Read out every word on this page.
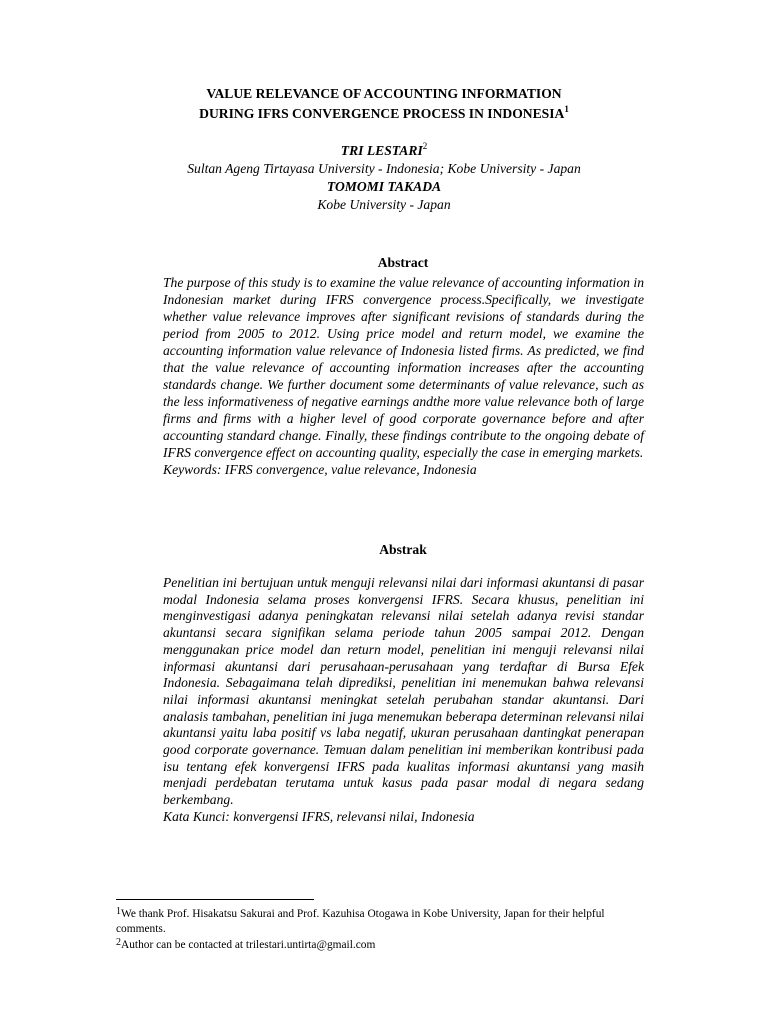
VALUE RELEVANCE OF ACCOUNTING INFORMATION
DURING IFRS CONVERGENCE PROCESS IN INDONESIA$^1$
TRI LESTARI$^2$
Sultan Ageng Tirtayasa University - Indonesia; Kobe University - Japan
TOMOMI TAKADA
Kobe University - Japan
Abstract

The purpose of this study is to examine the value relevance of accounting information in Indonesian market during IFRS convergence process.Specifically, we investigate whether value relevance improves after significant revisions of standards during the period from 2005 to 2012. Using price model and return model, we examine the accounting information value relevance of Indonesia listed firms. As predicted, we find that the value relevance of accounting information increases after the accounting standards change. We further document some determinants of value relevance, such as the less informativeness of negative earnings andthe more value relevance both of large firms and firms with a higher level of good corporate governance before and after accounting standard change. Finally, these findings contribute to the ongoing debate of IFRS convergence effect on accounting quality, especially the case in emerging markets.

Keywords: IFRS convergence, value relevance, Indonesia

Abstrak

Penelitian ini bertujuan untuk menguji relevansi nilai dari informasi akuntansi di pasar modal Indonesia selama proses konvergensi IFRS. Secara khusus, penelitian ini menginvestigasi adanya peningkatan relevansi nilai setelah adanya revisi standar akuntansi secara signifikan selama periode tahun 2005 sampai 2012. Dengan menggunakan price model dan return model, penelitian ini menguji relevansi nilai informasi akuntansi dari perusahaan-perusahaan yang terdaftar di Bursa Efek Indonesia. Sebagaimana telah diprediksi, penelitian ini menemukan bahwa relevansi nilai informasi akuntansi meningkat setelah perubahan standar akuntansi. Dari analasis tambahan, penelitian ini juga menemukan beberapa determinan relevansi nilai akuntansi yaitu laba positif vs laba negatif, ukuran perusahaan dantingkat penerapan good corporate governance. Temuan dalam penelitian ini memberikan kontribusi pada isu tentang efek konvergensi IFRS pada kualitas informasi akuntansi yang masih menjadi perdebatan terutama untuk kasus pada pasar modal di negara sedang berkembang.

Kata Kunci: konvergensi IFRS, relevansi nilai, Indonesia

$^1$We thank Prof. Hisakatsu Sakurai and Prof. Kazuhisa Otogawa in Kobe University, Japan for their helpful comments.

$^2$Author can be contacted at trilestari.untirta@gmail.com
